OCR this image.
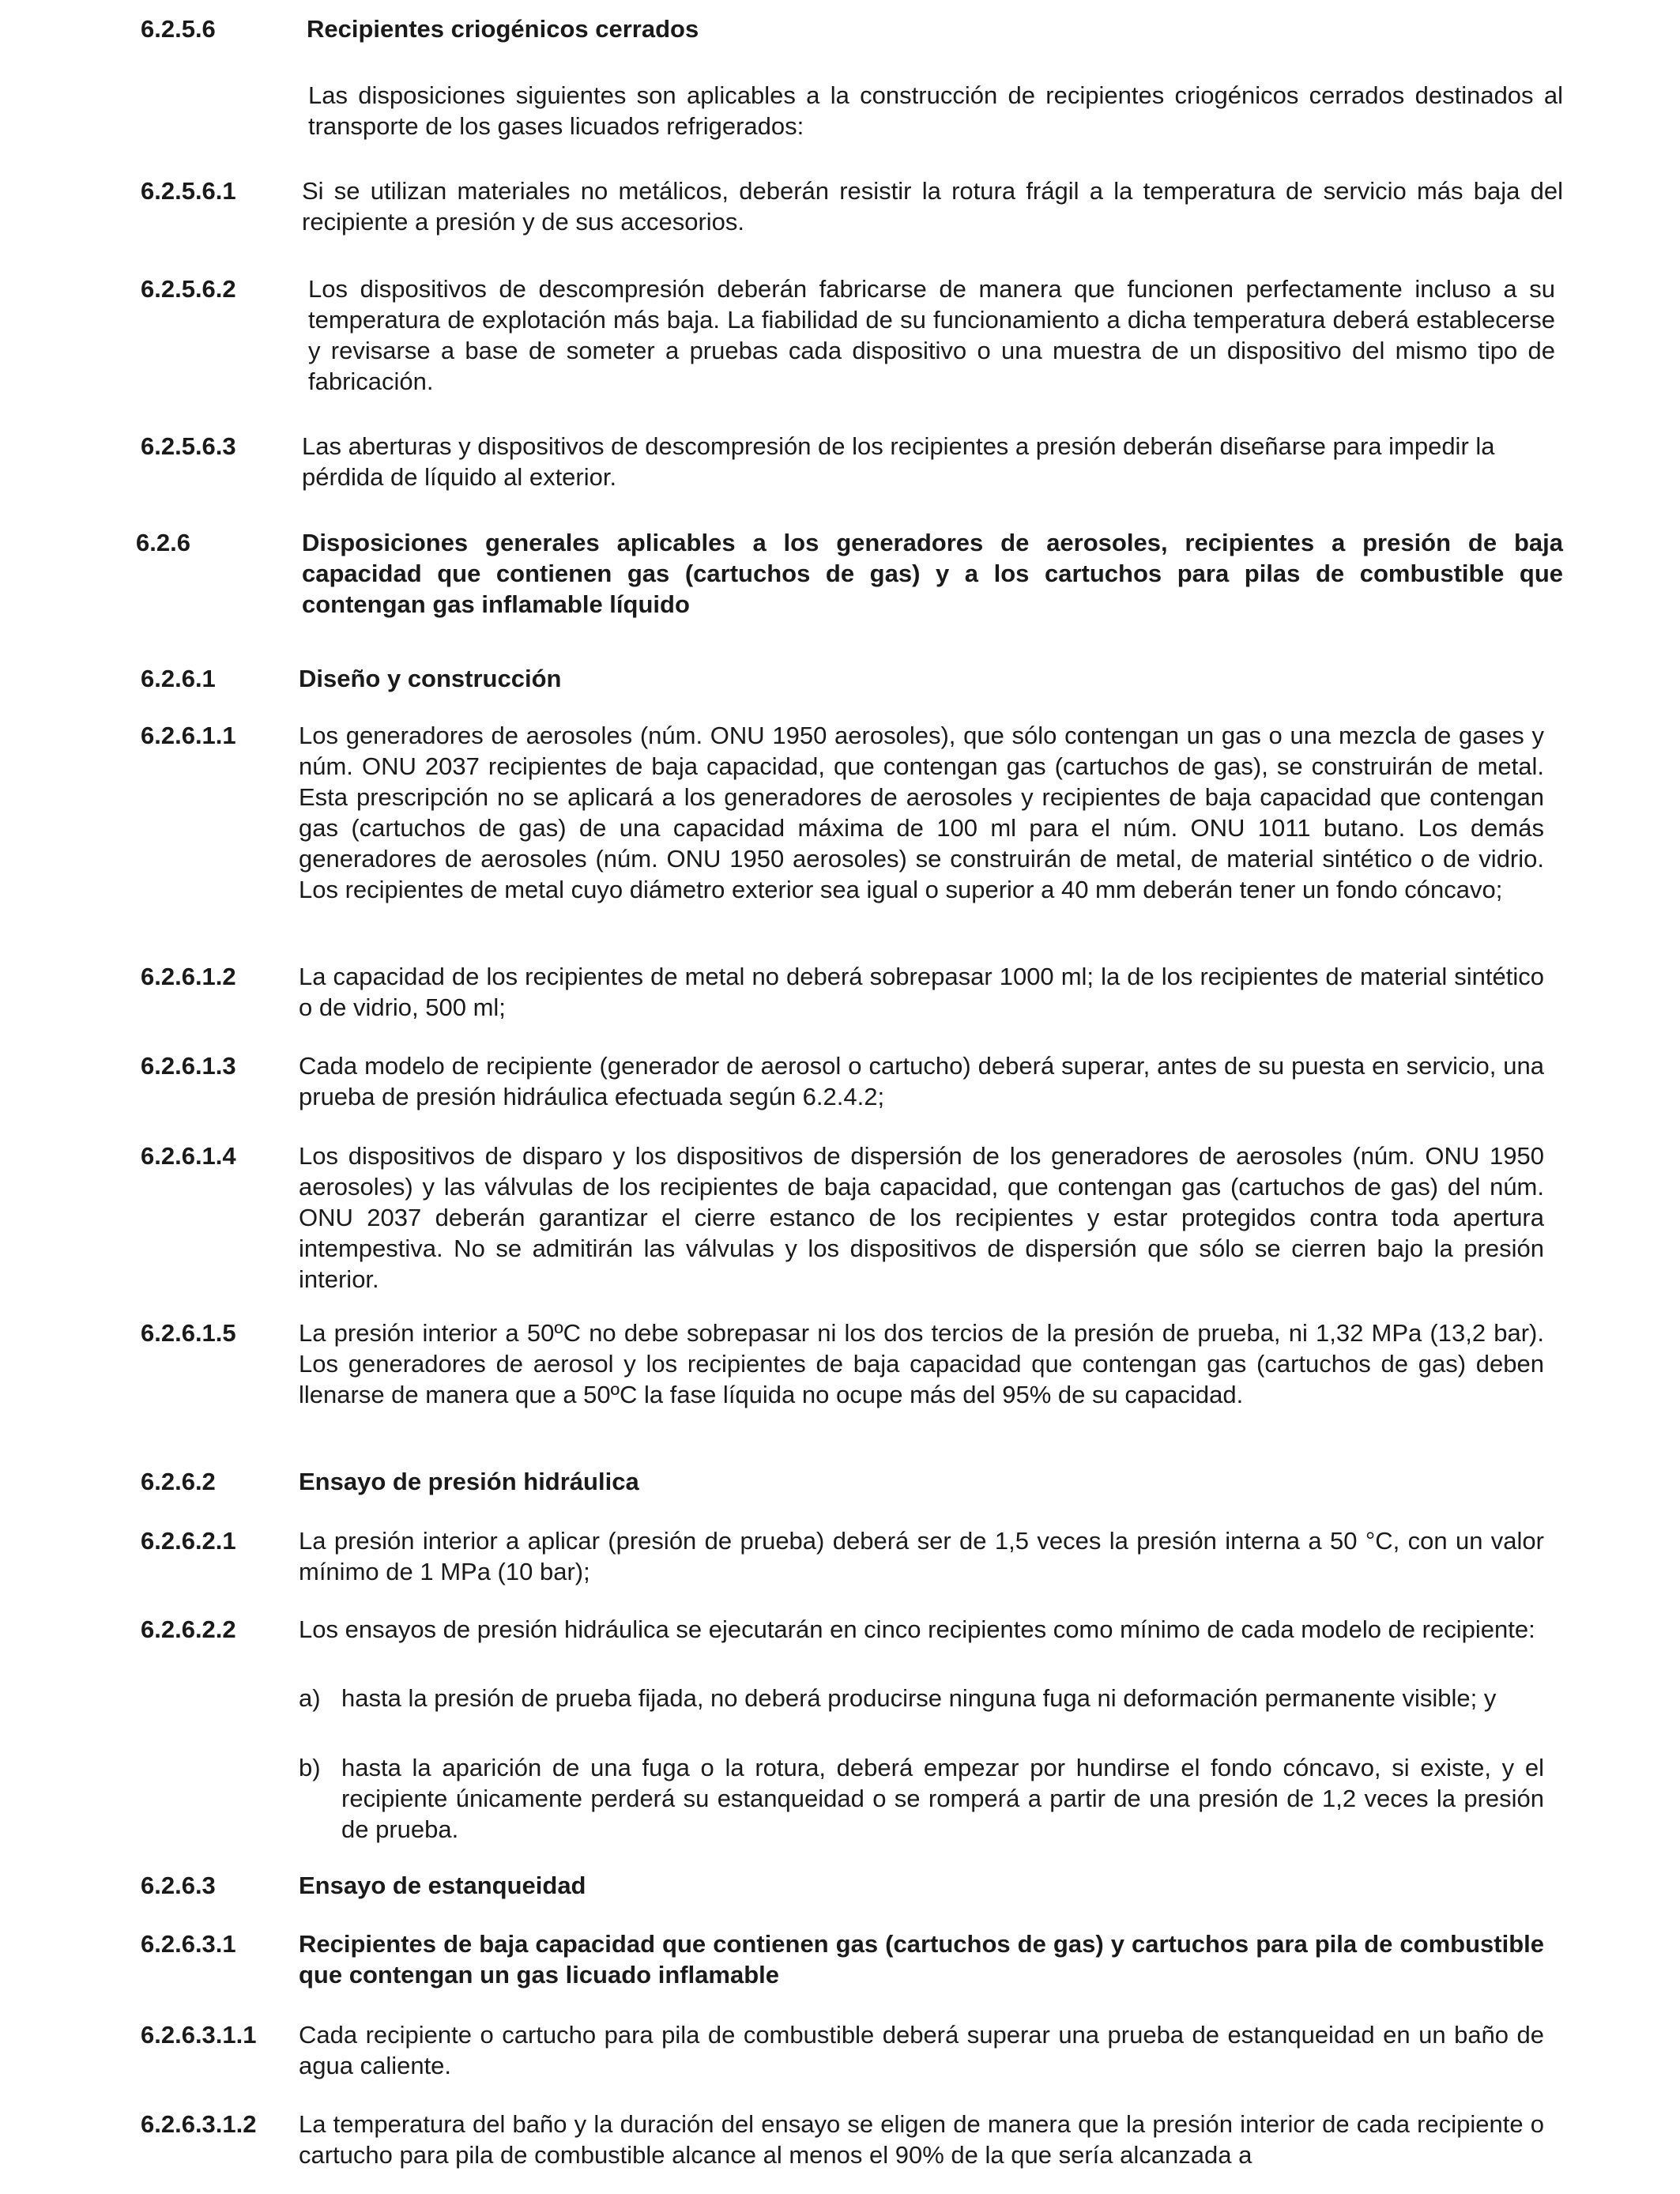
6.2.5.6	Recipientes criogénicos cerrados
Las disposiciones siguientes son aplicables a la construcción de recipientes criogénicos cerrados destinados al transporte de los gases licuados refrigerados:
6.2.5.6.1	Si se utilizan materiales no metálicos, deberán resistir la rotura frágil a la temperatura de servicio más baja del recipiente a presión y de sus accesorios.
6.2.5.6.2	Los dispositivos de descompresión deberán fabricarse de manera que funcionen perfectamente incluso a su temperatura de explotación más baja. La fiabilidad de su funcionamiento a dicha temperatura deberá establecerse y revisarse a base de someter a pruebas cada dispositivo o una muestra de un dispositivo del mismo tipo de fabricación.
6.2.5.6.3	Las aberturas y dispositivos de descompresión de los recipientes a presión deberán diseñarse para impedir la pérdida de líquido al exterior.
6.2.6	Disposiciones generales aplicables a los generadores de aerosoles, recipientes a presión de baja capacidad que contienen gas (cartuchos de gas) y a los cartuchos para pilas de combustible que contengan gas inflamable líquido
6.2.6.1	Diseño y construcción
6.2.6.1.1	Los generadores de aerosoles (núm. ONU 1950 aerosoles), que sólo contengan un gas o una mezcla de gases y núm. ONU 2037 recipientes de baja capacidad, que contengan gas (cartuchos de gas), se construirán de metal. Esta prescripción no se aplicará a los generadores de aerosoles y recipientes de baja capacidad que contengan gas (cartuchos de gas) de una capacidad máxima de 100 ml para el núm. ONU 1011 butano. Los demás generadores de aerosoles (núm. ONU 1950 aerosoles) se construirán de metal, de material sintético o de vidrio. Los recipientes de metal cuyo diámetro exterior sea igual o superior a 40 mm deberán tener un fondo cóncavo;
6.2.6.1.2	La capacidad de los recipientes de metal no deberá sobrepasar 1000 ml; la de los recipientes de material sintético o de vidrio, 500 ml;
6.2.6.1.3	Cada modelo de recipiente (generador de aerosol o cartucho) deberá superar, antes de su puesta en servicio, una prueba de presión hidráulica efectuada según 6.2.4.2;
6.2.6.1.4	Los dispositivos de disparo y los dispositivos de dispersión de los generadores de aerosoles (núm. ONU 1950 aerosoles) y las válvulas de los recipientes de baja capacidad, que contengan gas (cartuchos de gas) del núm. ONU 2037 deberán garantizar el cierre estanco de los recipientes y estar protegidos contra toda apertura intempestiva. No se admitirán las válvulas y los dispositivos de dispersión que sólo se cierren bajo la presión interior.
6.2.6.1.5	La presión interior a 50ºC no debe sobrepasar ni los dos tercios de la presión de prueba, ni 1,32 MPa (13,2 bar). Los generadores de aerosol y los recipientes de baja capacidad que contengan gas (cartuchos de gas) deben llenarse de manera que a 50ºC la fase líquida no ocupe más del 95% de su capacidad.
6.2.6.2	Ensayo de presión hidráulica
6.2.6.2.1	La presión interior a aplicar (presión de prueba) deberá ser de 1,5 veces la presión interna a 50 °C, con un valor mínimo de 1 MPa (10 bar);
6.2.6.2.2	Los ensayos de presión hidráulica se ejecutarán en cinco recipientes como mínimo de cada modelo de recipiente:
a) hasta la presión de prueba fijada, no deberá producirse ninguna fuga ni deformación permanente visible; y
b) hasta la aparición de una fuga o la rotura, deberá empezar por hundirse el fondo cóncavo, si existe, y el recipiente únicamente perderá su estanqueidad o se romperá a partir de una presión de 1,2 veces la presión de prueba.
6.2.6.3	Ensayo de estanqueidad
6.2.6.3.1	Recipientes de baja capacidad que contienen gas (cartuchos de gas) y cartuchos para pila de combustible que contengan un gas licuado inflamable
6.2.6.3.1.1 Cada recipiente o cartucho para pila de combustible deberá superar una prueba de estanqueidad en un baño de agua caliente.
6.2.6.3.1.2 La temperatura del baño y la duración del ensayo se eligen de manera que la presión interior de cada recipiente o cartucho para pila de combustible alcance al menos el 90% de la que sería alcanzada a
